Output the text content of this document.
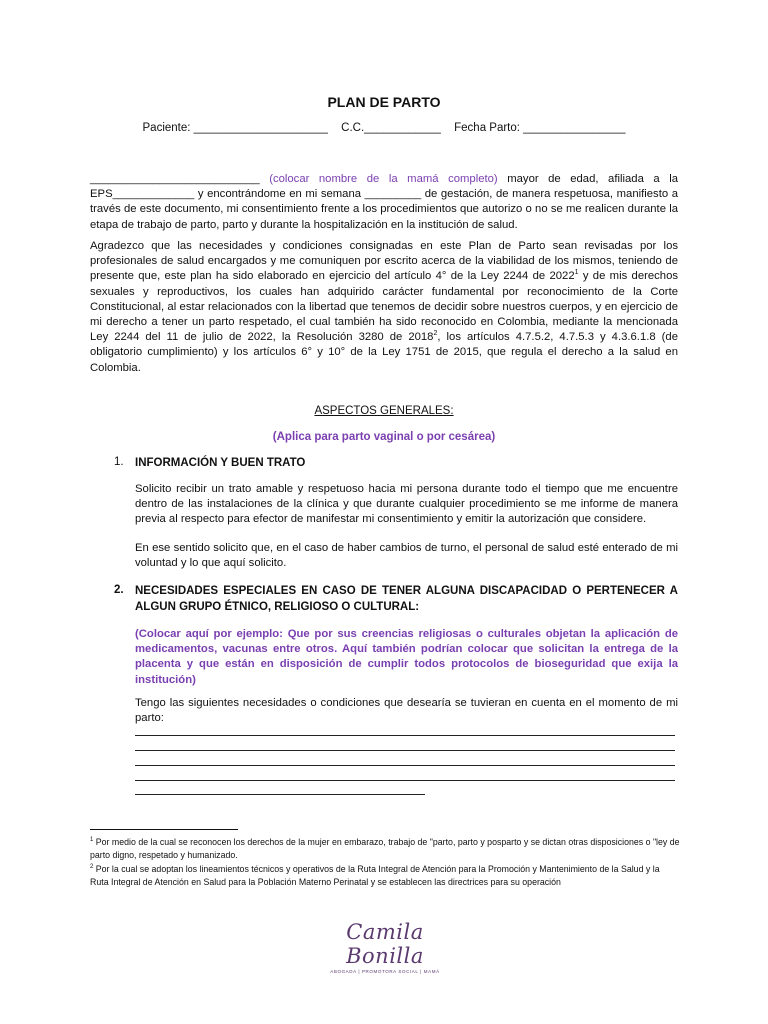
PLAN DE PARTO
Paciente: _____________________ C.C.____________ Fecha Parto: ________________
___________________________ (colocar nombre de la mamá completo) mayor de edad, afiliada a la EPS_____________ y encontrándome en mi semana _________ de gestación, de manera respetuosa, manifiesto a través de este documento, mi consentimiento frente a los procedimientos que autorizo o no se me realicen durante la etapa de trabajo de parto, parto y durante la hospitalización en la institución de salud.
Agradezco que las necesidades y condiciones consignadas en este Plan de Parto sean revisadas por los profesionales de salud encargados y me comuniquen por escrito acerca de la viabilidad de los mismos, teniendo de presente que, este plan ha sido elaborado en ejercicio del artículo 4° de la Ley 2244 de 2022$^1$ y de mis derechos sexuales y reproductivos, los cuales han adquirido carácter fundamental por reconocimiento de la Corte Constitucional, al estar relacionados con la libertad que tenemos de decidir sobre nuestros cuerpos, y en ejercicio de mi derecho a tener un parto respetado, el cual también ha sido reconocido en Colombia, mediante la mencionada Ley 2244 del 11 de julio de 2022, la Resolución 3280 de 2018$^2$, los artículos 4.7.5.2, 4.7.5.3 y 4.3.6.1.8 (de obligatorio cumplimiento) y los artículos 6° y 10° de la Ley 1751 de 2015, que regula el derecho a la salud en Colombia.
ASPECTOS GENERALES:
(Aplica para parto vaginal o por cesárea)
1. INFORMACIÓN Y BUEN TRATO
Solicito recibir un trato amable y respetuoso hacia mi persona durante todo el tiempo que me encuentre dentro de las instalaciones de la clínica y que durante cualquier procedimiento se me informe de manera previa al respecto para efector de manifestar mi consentimiento y emitir la autorización que considere.
En ese sentido solicito que, en el caso de haber cambios de turno, el personal de salud esté enterado de mi voluntad y lo que aquí solicito.
2. NECESIDADES ESPECIALES EN CASO DE TENER ALGUNA DISCAPACIDAD O PERTENECER A ALGUN GRUPO ÉTNICO, RELIGIOSO O CULTURAL:
(Colocar aquí por ejemplo: Que por sus creencias religiosas o culturales objetan la aplicación de medicamentos, vacunas entre otros. Aquí también podrían colocar que solicitan la entrega de la placenta y que están en disposición de cumplir todos protocolos de bioseguridad que exija la institución)
Tengo las siguientes necesidades o condiciones que desearía se tuvieran en cuenta en el momento de mi parto:
$^1$ Por medio de la cual se reconocen los derechos de la mujer en embarazo, trabajo de "parto, parto y posparto y se dictan otras disposiciones o "ley de parto digno, respetado y humanizado.
$^2$ Por la cual se adoptan los lineamientos técnicos y operativos de la Ruta Integral de Atención para la Promoción y Mantenimiento de la Salud y la Ruta Integral de Atención en Salud para la Población Materno Perinatal y se establecen las directrices para su operación
Camila Bonilla
ABOGADA | PROMOTORA SOCIAL | MAMÁ
